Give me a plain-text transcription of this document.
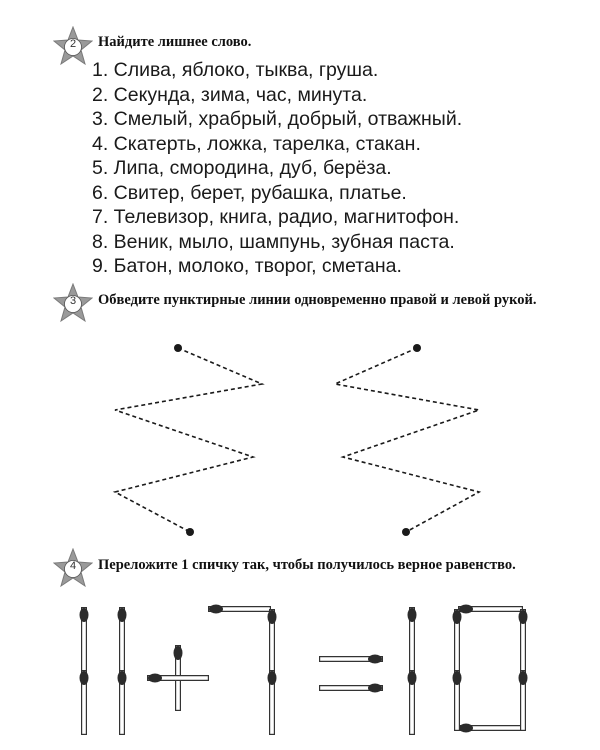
2	Найдите лишнее слово.
1. Слива, яблоко, тыква, груша.
2. Секунда, зима, час, минута.
3. Смелый, храбрый, добрый, отважный.
4. Скатерть, ложка, тарелка, стакан.
5. Липа, смородина, дуб, берёза.
6. Свитер, берет, рубашка, платье.
7. Телевизор, книга, радио, магнитофон.
8. Веник, мыло, шампунь, зубная паста.
9. Батон, молоко, творог, сметана.
3	Обведите пунктирные линии одновременно правой и левой рукой.
4	Переложите 1 спичку так, чтобы получилось верное равенство.
